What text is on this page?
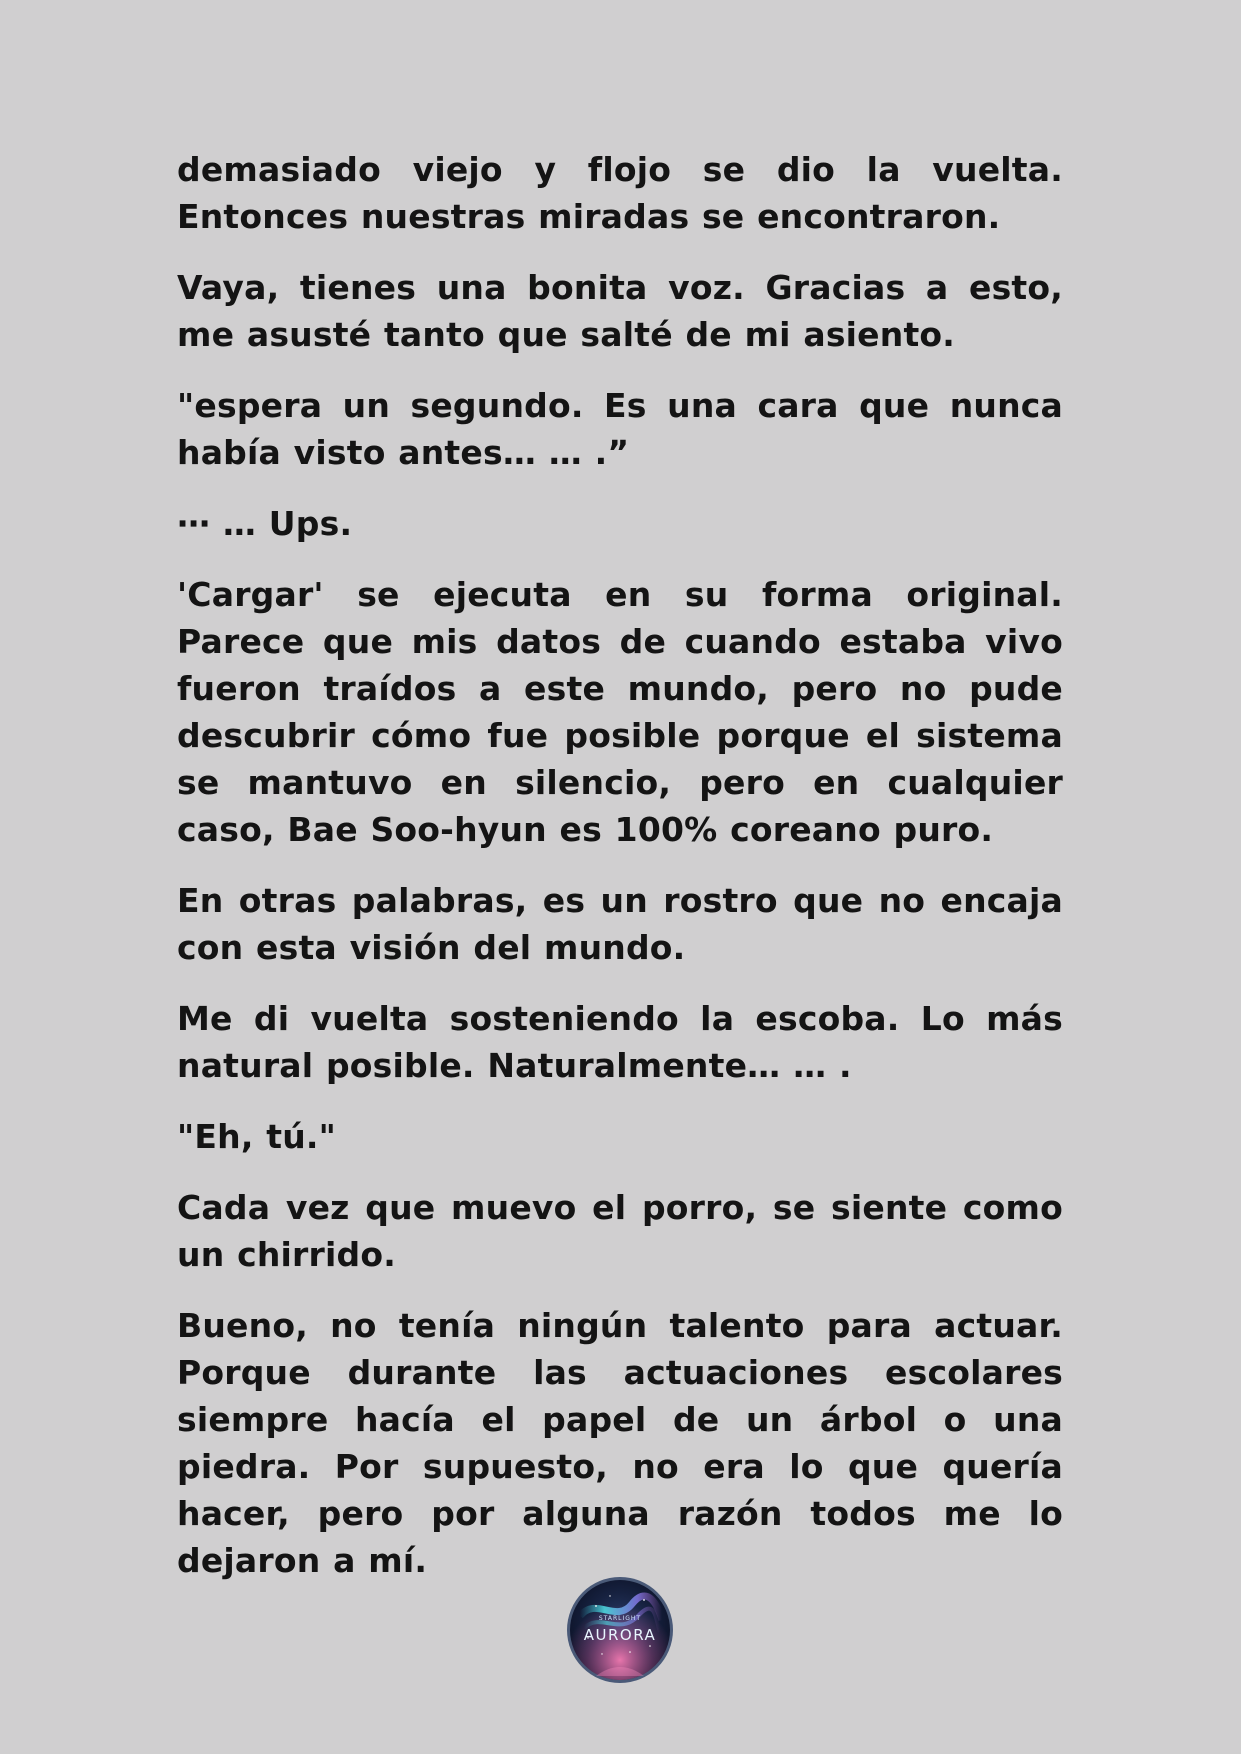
demasiado viejo y flojo se dio la vuelta. Entonces nuestras miradas se encontraron.

Vaya, tienes una bonita voz. Gracias a esto, me asusté tanto que salté de mi asiento.

"espera un segundo. Es una cara que nunca había visto antes… … .”

⋯ … Ups.

'Cargar' se ejecuta en su forma original. Parece que mis datos de cuando estaba vivo fueron traídos a este mundo, pero no pude descubrir cómo fue posible porque el sistema se mantuvo en silencio, pero en cualquier caso, Bae Soo-hyun es 100% coreano puro.

En otras palabras, es un rostro que no encaja con esta visión del mundo.

Me di vuelta sosteniendo la escoba. Lo más natural posible. Naturalmente… … .

"Eh, tú."

Cada vez que muevo el porro, se siente como un chirrido.

Bueno, no tenía ningún talento para actuar. Porque durante las actuaciones escolares siempre hacía el papel de un árbol o una piedra. Por supuesto, no era lo que quería hacer, pero por alguna razón todos me lo dejaron a mí.

STARLIGHT
AURORA
